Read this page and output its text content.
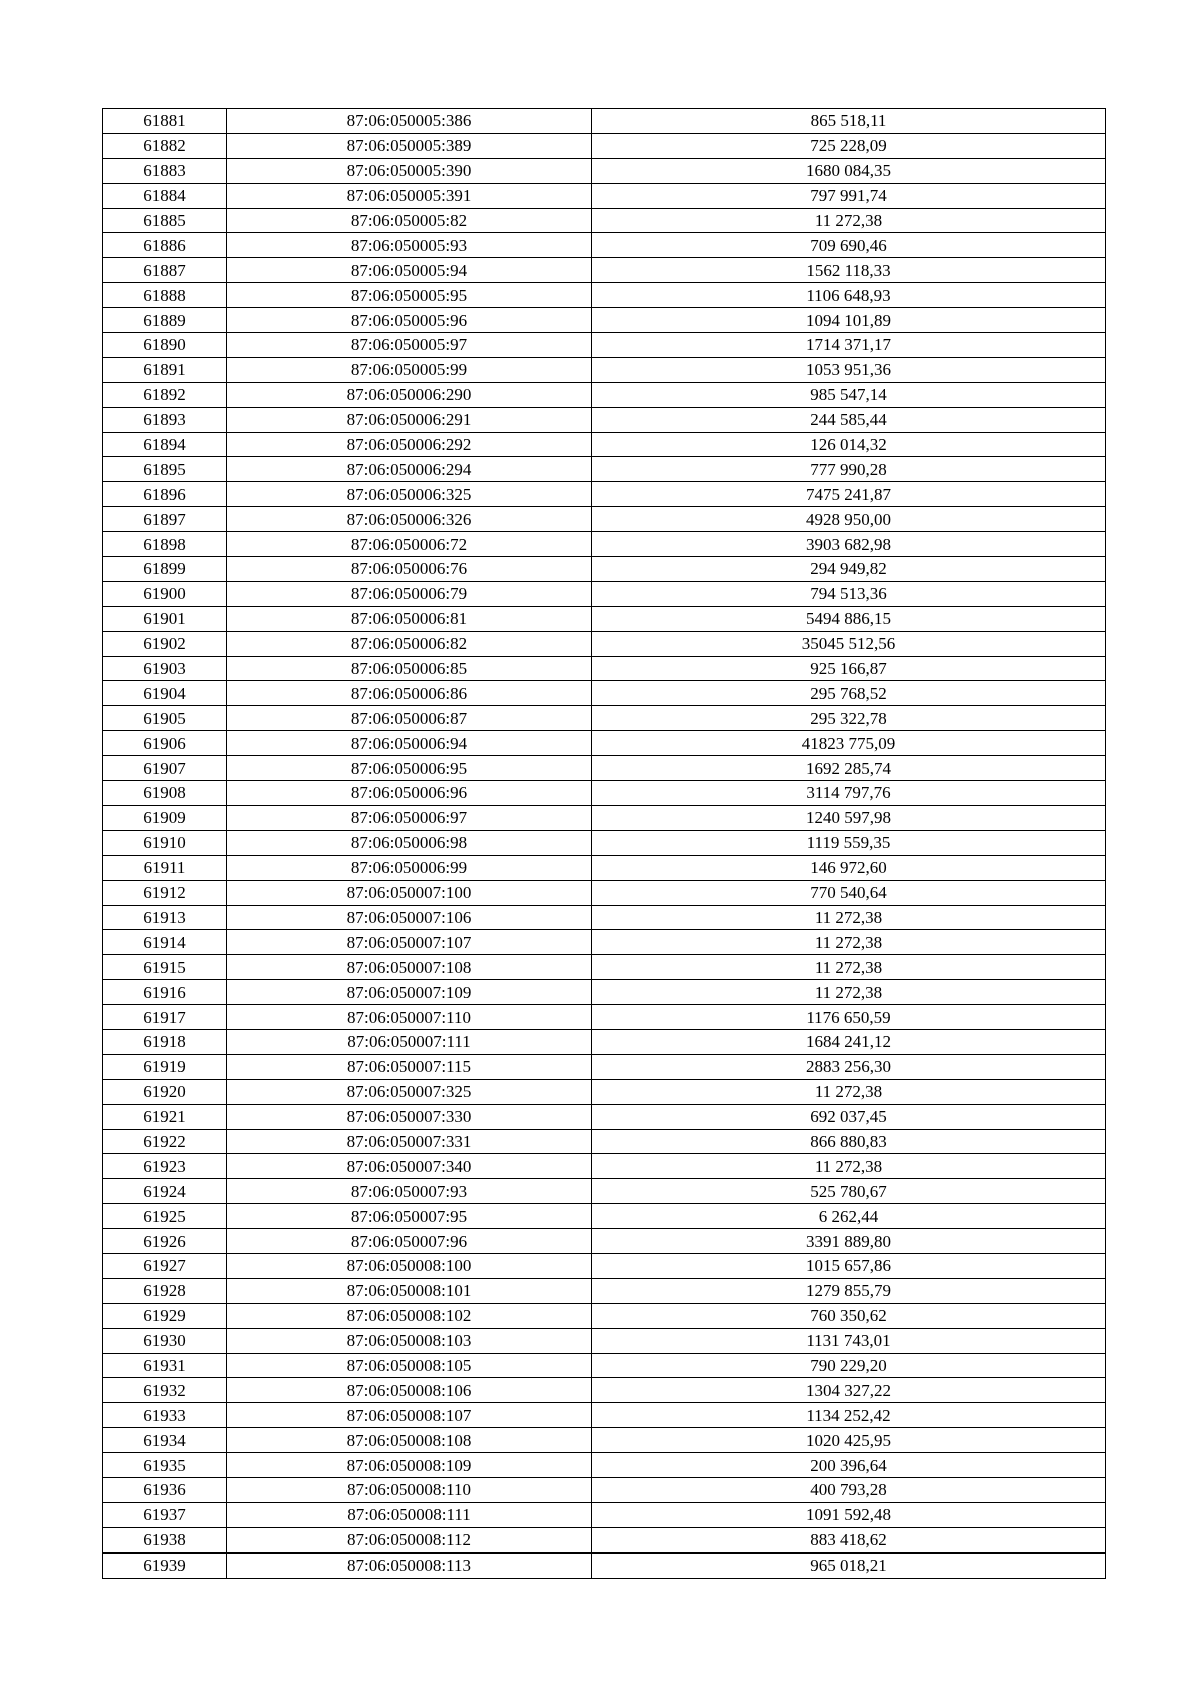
61881	87:06:050005:386	865 518,11
61882	87:06:050005:389	725 228,09
61883	87:06:050005:390	1680 084,35
61884	87:06:050005:391	797 991,74
61885	87:06:050005:82	11 272,38
61886	87:06:050005:93	709 690,46
61887	87:06:050005:94	1562 118,33
61888	87:06:050005:95	1106 648,93
61889	87:06:050005:96	1094 101,89
61890	87:06:050005:97	1714 371,17
61891	87:06:050005:99	1053 951,36
61892	87:06:050006:290	985 547,14
61893	87:06:050006:291	244 585,44
61894	87:06:050006:292	126 014,32
61895	87:06:050006:294	777 990,28
61896	87:06:050006:325	7475 241,87
61897	87:06:050006:326	4928 950,00
61898	87:06:050006:72	3903 682,98
61899	87:06:050006:76	294 949,82
61900	87:06:050006:79	794 513,36
61901	87:06:050006:81	5494 886,15
61902	87:06:050006:82	35045 512,56
61903	87:06:050006:85	925 166,87
61904	87:06:050006:86	295 768,52
61905	87:06:050006:87	295 322,78
61906	87:06:050006:94	41823 775,09
61907	87:06:050006:95	1692 285,74
61908	87:06:050006:96	3114 797,76
61909	87:06:050006:97	1240 597,98
61910	87:06:050006:98	1119 559,35
61911	87:06:050006:99	146 972,60
61912	87:06:050007:100	770 540,64
61913	87:06:050007:106	11 272,38
61914	87:06:050007:107	11 272,38
61915	87:06:050007:108	11 272,38
61916	87:06:050007:109	11 272,38
61917	87:06:050007:110	1176 650,59
61918	87:06:050007:111	1684 241,12
61919	87:06:050007:115	2883 256,30
61920	87:06:050007:325	11 272,38
61921	87:06:050007:330	692 037,45
61922	87:06:050007:331	866 880,83
61923	87:06:050007:340	11 272,38
61924	87:06:050007:93	525 780,67
61925	87:06:050007:95	6 262,44
61926	87:06:050007:96	3391 889,80
61927	87:06:050008:100	1015 657,86
61928	87:06:050008:101	1279 855,79
61929	87:06:050008:102	760 350,62
61930	87:06:050008:103	1131 743,01
61931	87:06:050008:105	790 229,20
61932	87:06:050008:106	1304 327,22
61933	87:06:050008:107	1134 252,42
61934	87:06:050008:108	1020 425,95
61935	87:06:050008:109	200 396,64
61936	87:06:050008:110	400 793,28
61937	87:06:050008:111	1091 592,48
61938	87:06:050008:112	883 418,62
61939	87:06:050008:113	965 018,21
